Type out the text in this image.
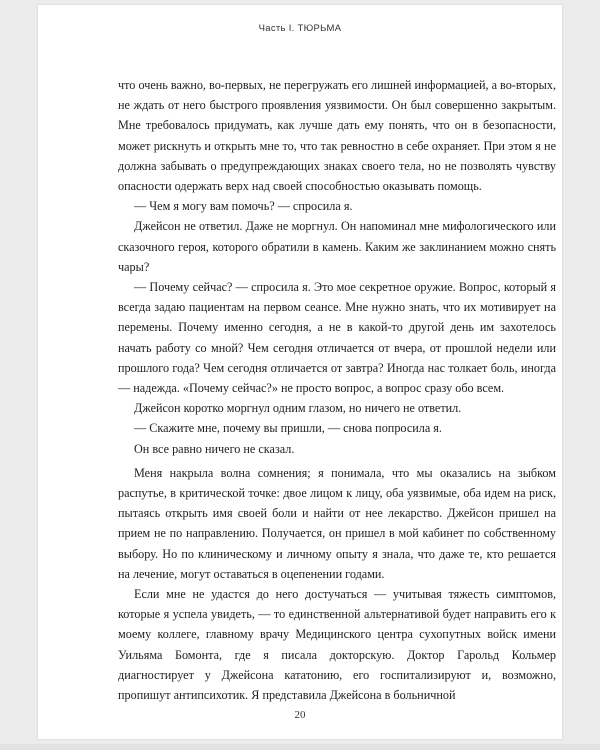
Часть I. ТЮРЬМА

что очень важно, во-первых, не перегружать его лишней информацией, а во-вторых, не ждать от него быстрого проявления уязвимости. Он был совершенно закрытым. Мне требовалось придумать, как лучше дать ему понять, что он в безопасности, может рискнуть и открыть мне то, что так ревностно в себе охраняет. При этом я не должна забывать о предупреждающих знаках своего тела, но не позволять чувству опасности одержать верх над своей способностью оказывать помощь.

— Чем я могу вам помочь? — спросила я.

Джейсон не ответил. Даже не моргнул. Он напоминал мне мифологического или сказочного героя, которого обратили в камень. Каким же заклинанием можно снять чары?

— Почему сейчас? — спросила я. Это мое секретное оружие. Вопрос, который я всегда задаю пациентам на первом сеансе. Мне нужно знать, что их мотивирует на перемены. Почему именно сегодня, а не в какой-то другой день им захотелось начать работу со мной? Чем сегодня отличается от вчера, от прошлой недели или прошлого года? Чем сегодня отличается от завтра? Иногда нас толкает боль, иногда — надежда. «Почему сейчас?» не просто вопрос, а вопрос сразу обо всем.

Джейсон коротко моргнул одним глазом, но ничего не ответил.

— Скажите мне, почему вы пришли, — снова попросила я.

Он все равно ничего не сказал.

Меня накрыла волна сомнения; я понимала, что мы оказались на зыбком распутье, в критической точке: двое лицом к лицу, оба уязвимые, оба идем на риск, пытаясь открыть имя своей боли и найти от нее лекарство. Джейсон пришел на прием не по направлению. Получается, он пришел в мой кабинет по собственному выбору. Но по клиническому и личному опыту я знала, что даже те, кто решается на лечение, могут оставаться в оцепенении годами.

Если мне не удастся до него достучаться — учитывая тяжесть симптомов, которые я успела увидеть, — то единственной альтернативой будет направить его к моему коллеге, главному врачу Медицинского центра сухопутных войск имени Уильяма Бомонта, где я писала докторскую. Доктор Гарольд Кольмер диагностирует у Джейсона кататонию, его госпитализируют и, возможно, пропишут антипсихотик. Я представила Джейсона в больничной

20
